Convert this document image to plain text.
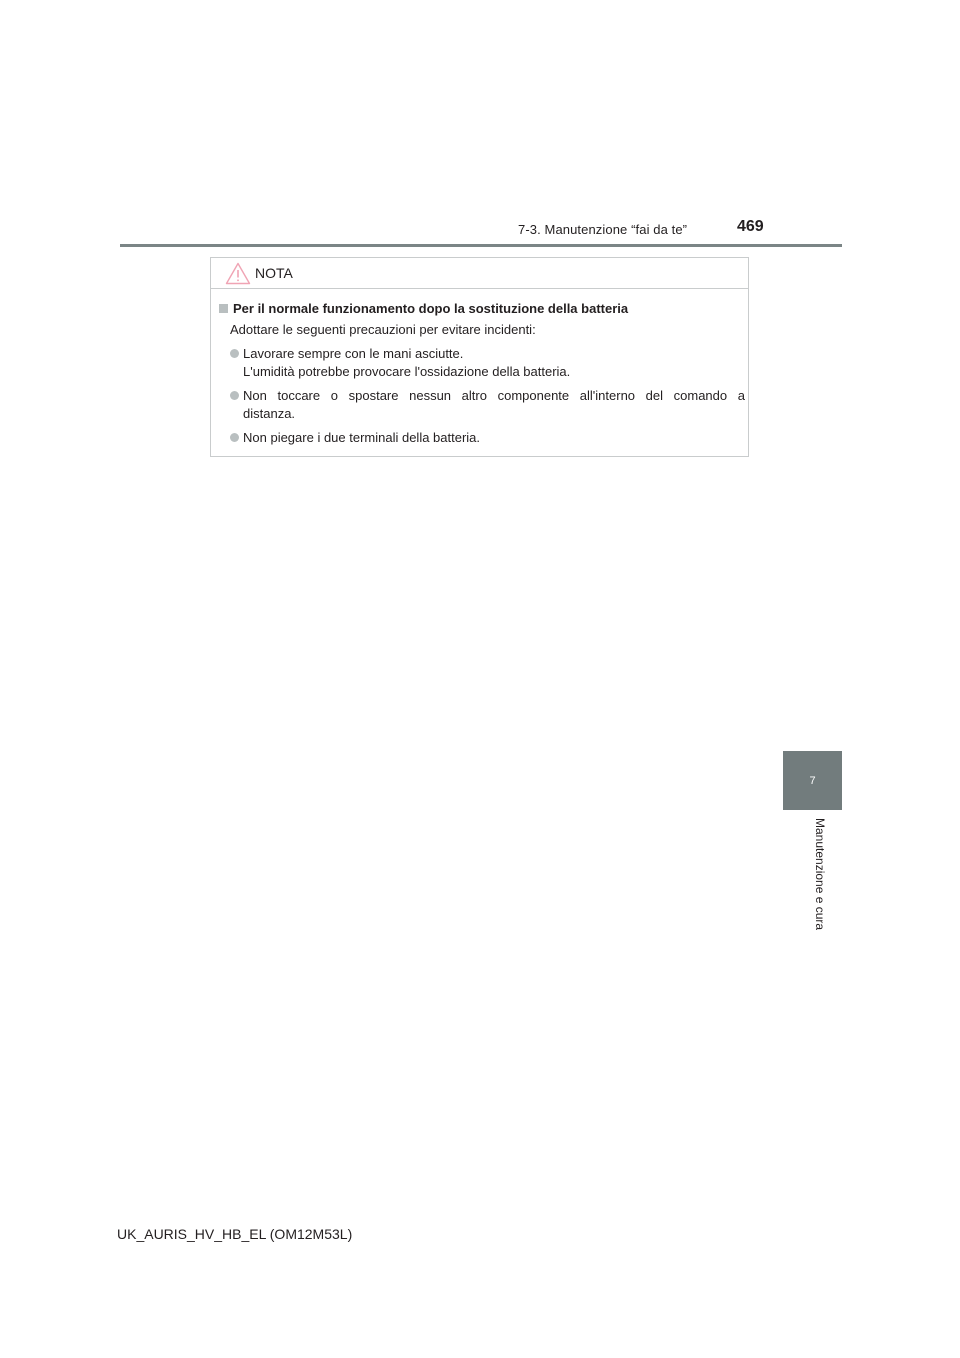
7-3. Manutenzione “fai da te”	469
7
Manutenzione e cura
NOTA
Per il normale funzionamento dopo la sostituzione della batteria
Adottare le seguenti precauzioni per evitare incidenti:
Lavorare sempre con le mani asciutte.
L'umidità potrebbe provocare l'ossidazione della batteria.
Non toccare o spostare nessun altro componente all'interno del comando a
distanza.
Non piegare i due terminali della batteria.
UK_AURIS_HV_HB_EL (OM12M53L)
